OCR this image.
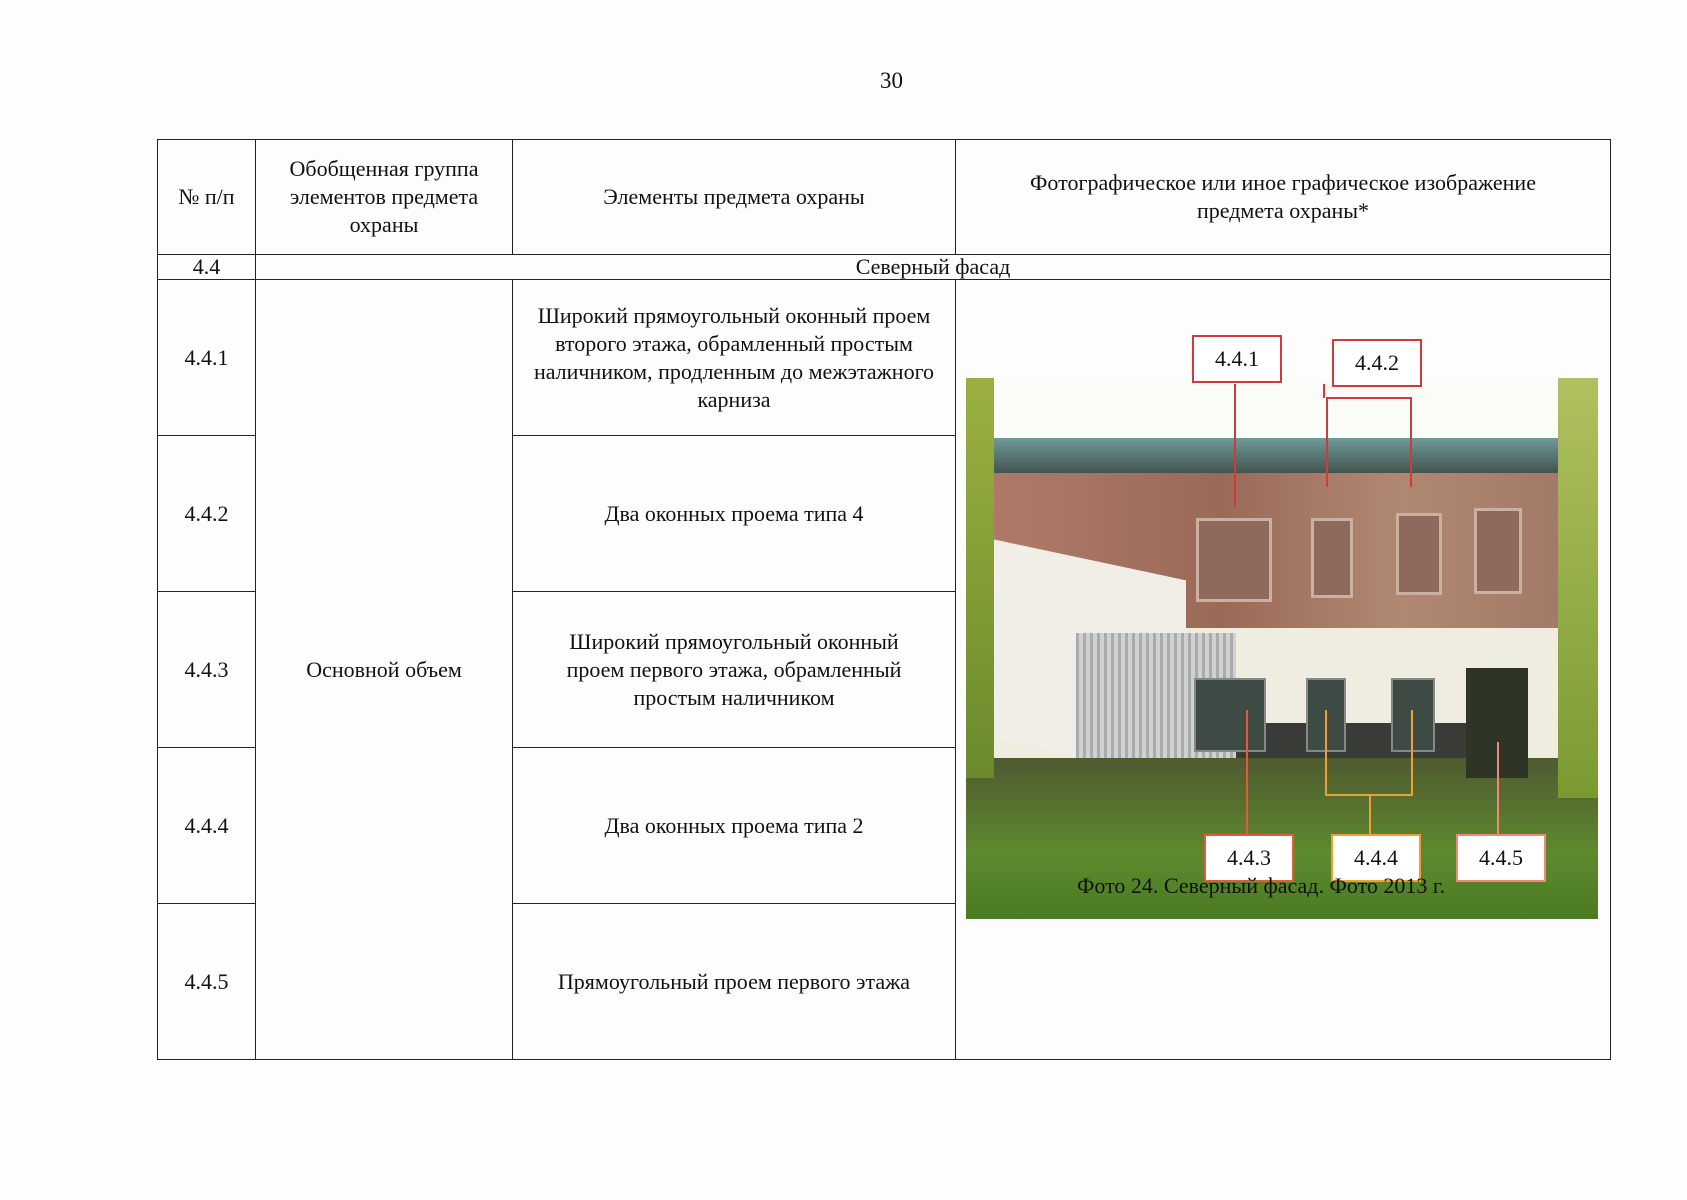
30
№ п/п	Обобщенная группа элементов предмета охраны	Элементы предмета охраны	Фотографическое или иное графическое изображение предмета охраны*
4.4	Северный фасад		
4.4.1	Основной объем	Широкий прямоугольный оконный проем второго этажа, обрамленный простым наличником, продленным до межэтажного карниза	
4.4.2		Два оконных проема типа 4	
4.4.3		Широкий прямоугольный оконный проем первого этажа, обрамленный простым наличником	
4.4.4		Два оконных проема типа 2	
4.4.5		Прямоугольный проем первого этажа	
4.4.1	4.4.2
4.4.3	4.4.4	4.4.5
Фото 24. Северный фасад. Фото 2013 г.
